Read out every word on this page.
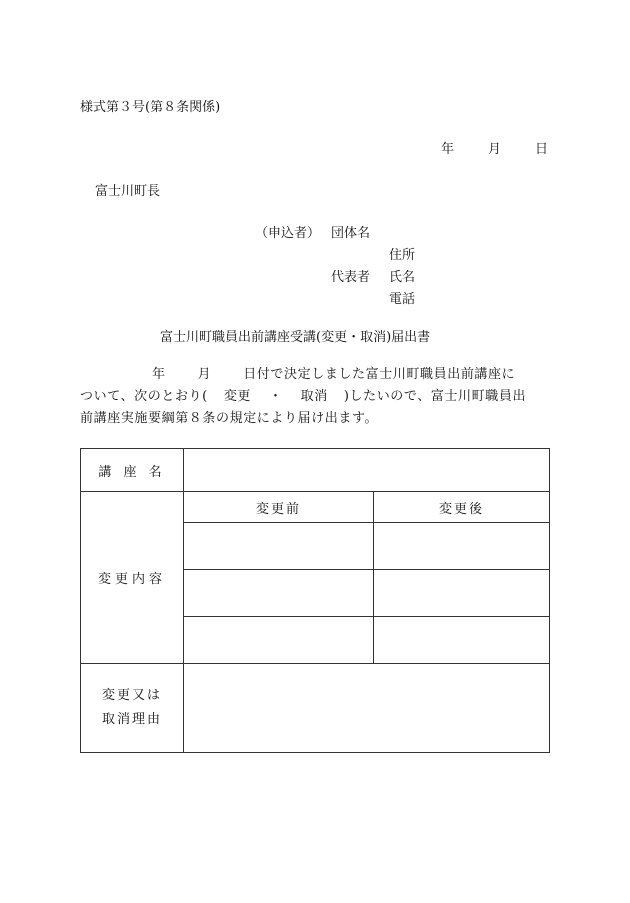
様式第３号(第８条関係)
年	月	日
富士川町長
（申込者） 団体名
住所
代表者 氏名
電話
富士川町職員出前講座受講(変更・取消)届出書
年 月 日付で決定しました富士川町職員出前講座に
ついて、次のとおり( 変更 ・ 取消 )したいので、富士川町職員出
前講座実施要綱第８条の規定により届け出ます。
講 座 名		
変更内容	変更前	変更後

変更又は
取消理由		
